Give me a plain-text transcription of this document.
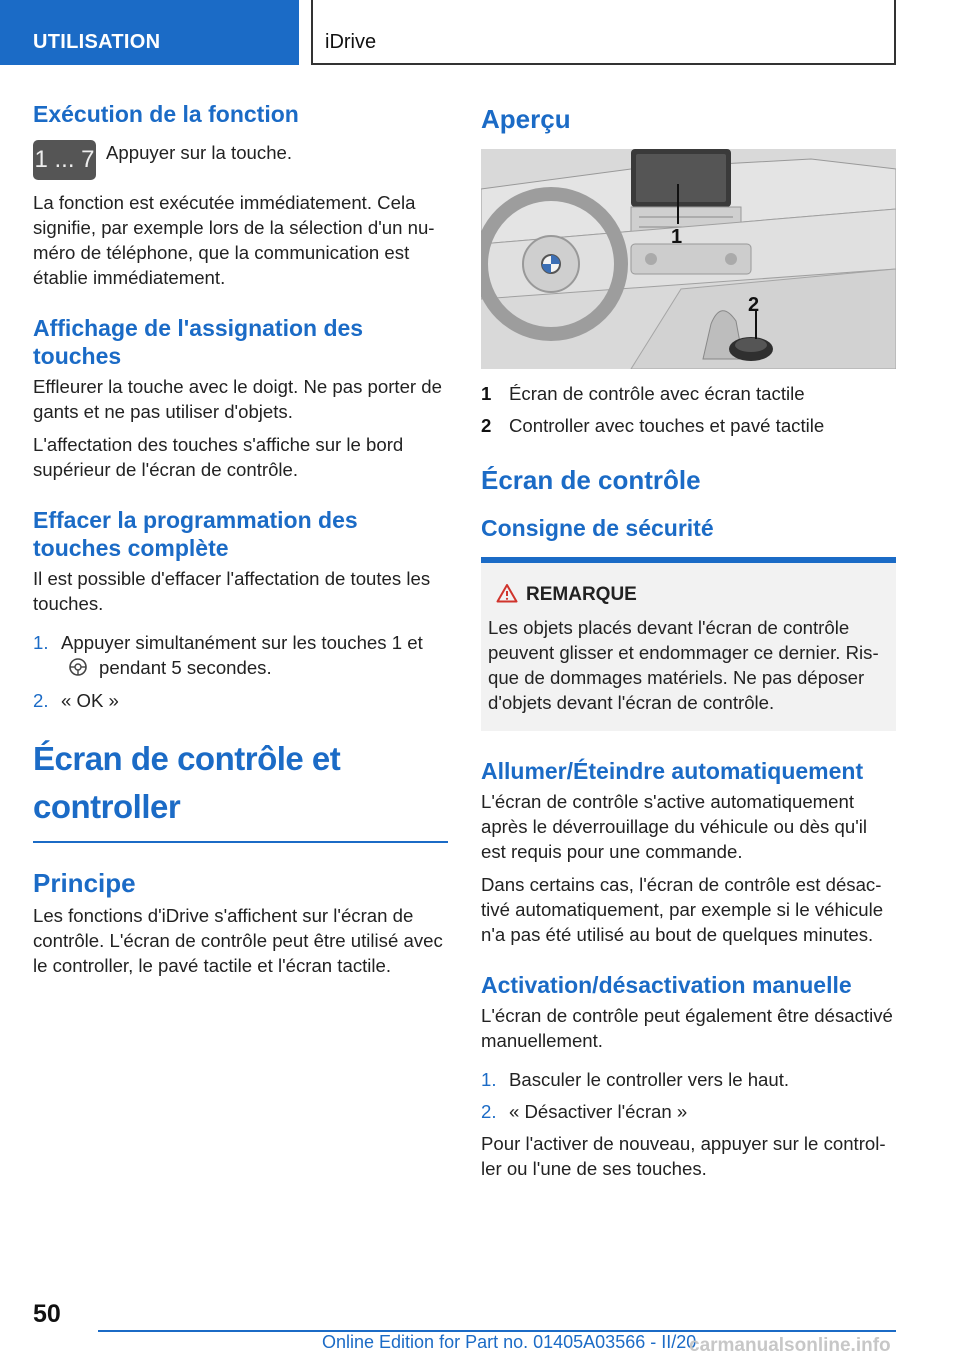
UTILISATION	iDrive
Exécution de la fonction
1 ... 7 Appuyer sur la touche.
La fonction est exécutée immédiatement. Cela signifie, par exemple lors de la sélection d'un numéro de téléphone, que la communication est établie immédiatement.
Affichage de l'assignation des touches
Effleurer la touche avec le doigt. Ne pas porter de gants et ne pas utiliser d'objets.
L'affectation des touches s'affiche sur le bord supérieur de l'écran de contrôle.
Effacer la programmation des touches complète
Il est possible d'effacer l'affectation de toutes les touches.
1. Appuyer simultanément sur les touches 1 et
pendant 5 secondes.
2. « OK »
Écran de contrôle et controller
Principe
Les fonctions d'iDrive s'affichent sur l'écran de contrôle. L'écran de contrôle peut être utilisé avec le controller, le pavé tactile et l'écran tactile.
Aperçu
1
2
1 Écran de contrôle avec écran tactile
2 Controller avec touches et pavé tactile
Écran de contrôle
Consigne de sécurité
REMARQUE
Les objets placés devant l'écran de contrôle peuvent glisser et endommager ce dernier. Risque de dommages matériels. Ne pas déposer d'objets devant l'écran de contrôle.
Allumer/Éteindre automatiquement
L'écran de contrôle s'active automatiquement après le déverrouillage du véhicule ou dès qu'il est requis pour une commande.
Dans certains cas, l'écran de contrôle est désactivé automatiquement, par exemple si le véhicule n'a pas été utilisé au bout de quelques minutes.
Activation/désactivation manuelle
L'écran de contrôle peut également être désactivé manuellement.
1. Basculer le controller vers le haut.
2. « Désactiver l'écran »
Pour l'activer de nouveau, appuyer sur le controller ou l'une de ses touches.
50
Online Edition for Part no. 01405A03566 - II/20
carmanualsonline.info
